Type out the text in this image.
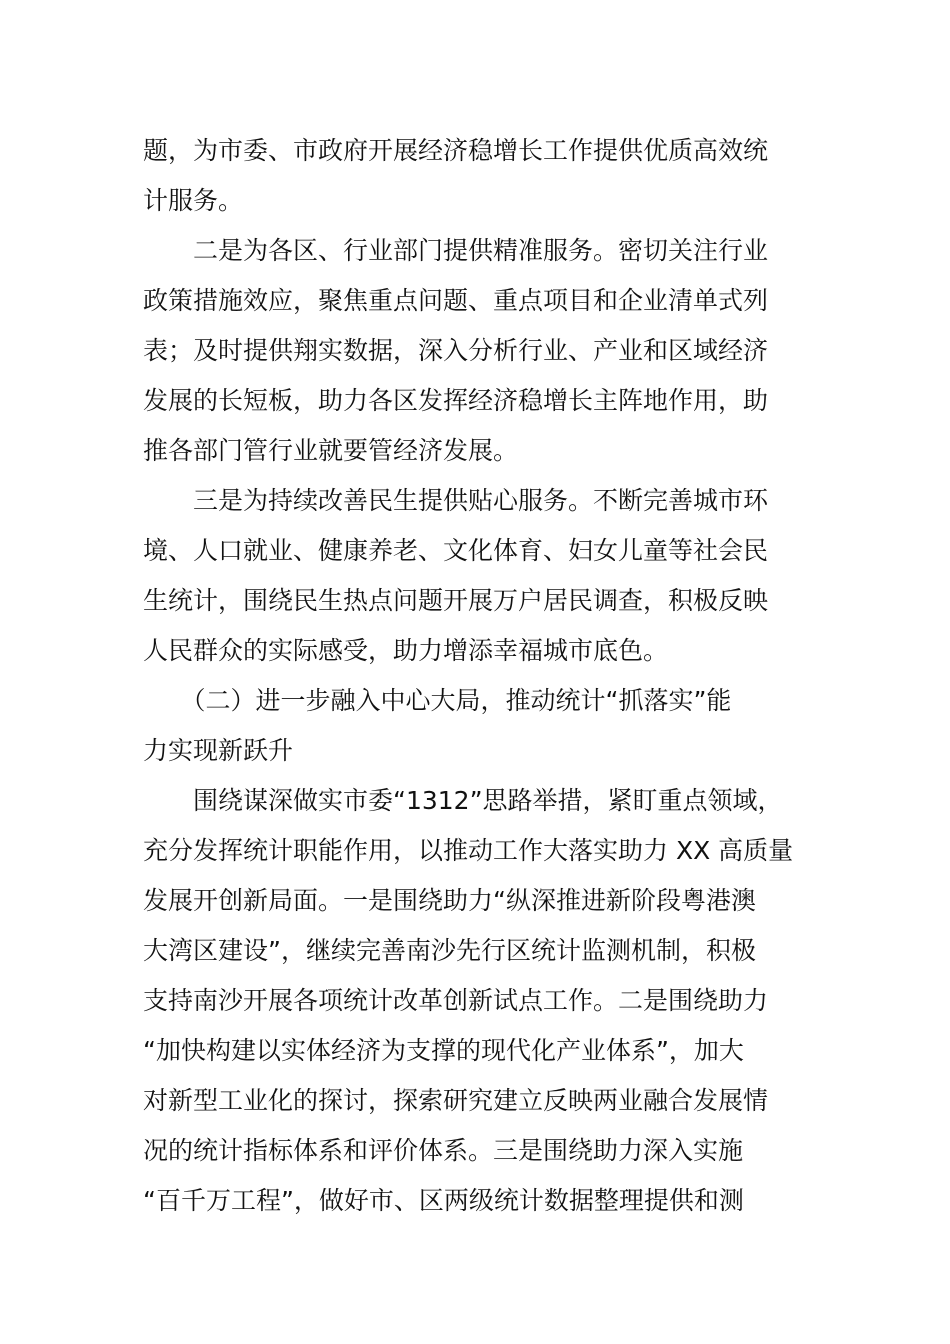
题，为市委、市政府开展经济稳增长工作提供优质高效统
计服务。
　　二是为各区、行业部门提供精准服务。密切关注行业
政策措施效应，聚焦重点问题、重点项目和企业清单式列
表；及时提供翔实数据，深入分析行业、产业和区域经济
发展的长短板，助力各区发挥经济稳增长主阵地作用，助
推各部门管行业就要管经济发展。
　　三是为持续改善民生提供贴心服务。不断完善城市环
境、人口就业、健康养老、文化体育、妇女儿童等社会民
生统计，围绕民生热点问题开展万户居民调查，积极反映
人民群众的实际感受，助力增添幸福城市底色。
　　（二）进一步融入中心大局，推动统计“抓落实”能
力实现新跃升
　　围绕谋深做实市委“1312”思路举措，紧盯重点领域，
充分发挥统计职能作用，以推动工作大落实助力 XX 高质量
发展开创新局面。一是围绕助力“纵深推进新阶段粤港澳
大湾区建设”，继续完善南沙先行区统计监测机制，积极
支持南沙开展各项统计改革创新试点工作。二是围绕助力
“加快构建以实体经济为支撑的现代化产业体系”，加大
对新型工业化的探讨，探索研究建立反映两业融合发展情
况的统计指标体系和评价体系。三是围绕助力深入实施
“百千万工程”，做好市、区两级统计数据整理提供和测
